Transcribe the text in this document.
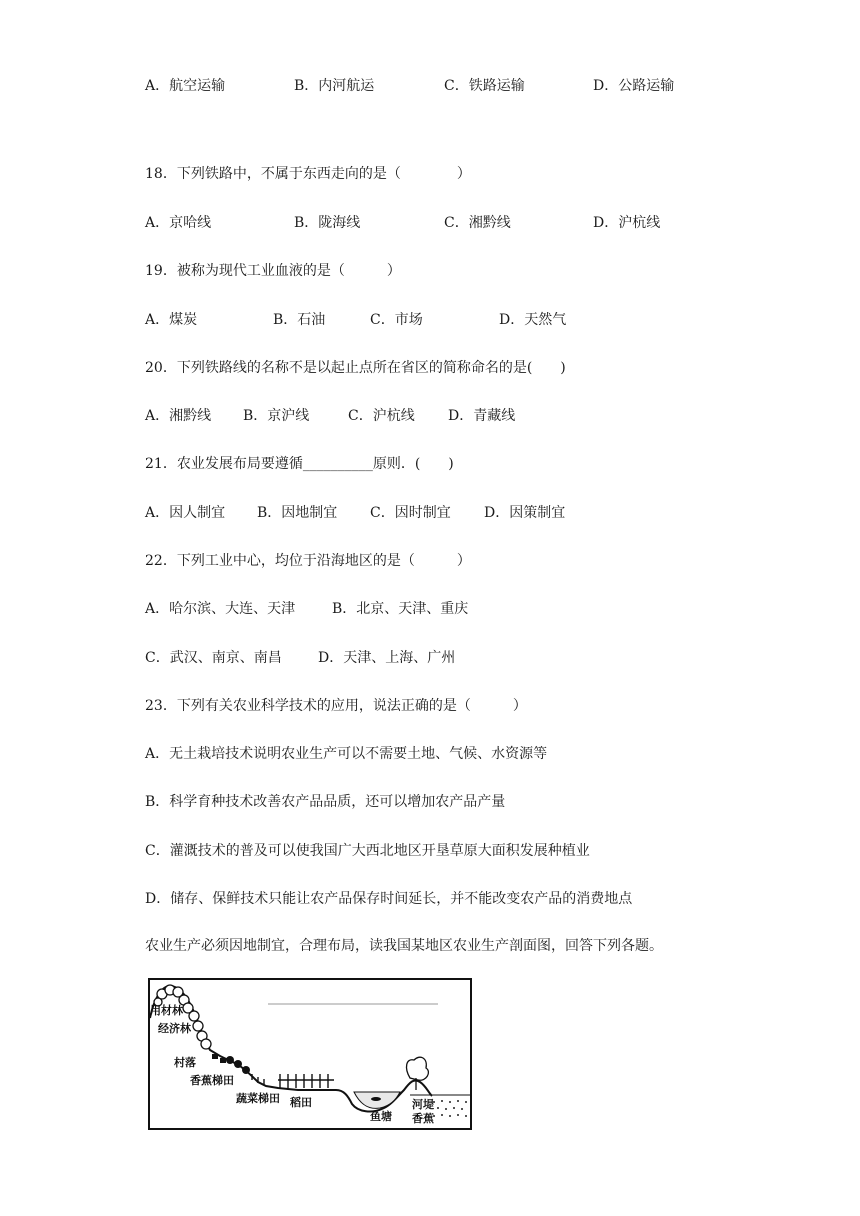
A．航空运输	B．内河航运	C．铁路运输	D．公路运输
18．下列铁路中，不属于东西走向的是（　　　　）
A．京哈线	B．陇海线	C．湘黔线	D．沪杭线
19．被称为现代工业血液的是（　　　）
A．煤炭	B．石油	C．市场	D．天然气
20．下列铁路线的名称不是以起止点所在省区的简称命名的是(　　)
A．湘黔线 B．京沪线	C．沪杭线 D．青藏线
21．农业发展布局要遵循__________原则．(　　)
A．因人制宜 B．因地制宜 C．因时制宜 D．因策制宜
22．下列工业中心，均位于沿海地区的是（　　　）
A．哈尔滨、大连、天津	B．北京、天津、重庆
C．武汉、南京、南昌	D．天津、上海、广州
23．下列有关农业科学技术的应用，说法正确的是（　　　）
A．无土栽培技术说明农业生产可以不需要土地、气候、水资源等
B．科学育种技术改善农产品品质，还可以增加农产品产量
C．灌溉技术的普及可以使我国广大西北地区开垦草原大面积发展种植业
D．储存、保鲜技术只能让农产品保存时间延长，并不能改变农产品的消费地点
农业生产必须因地制宜，合理布局，读我国某地区农业生产剖面图，回答下列各题。
用材林
经济林
村落
香蕉梯田
蔬菜梯田 稻田
鱼塘
河堤
香蕉
